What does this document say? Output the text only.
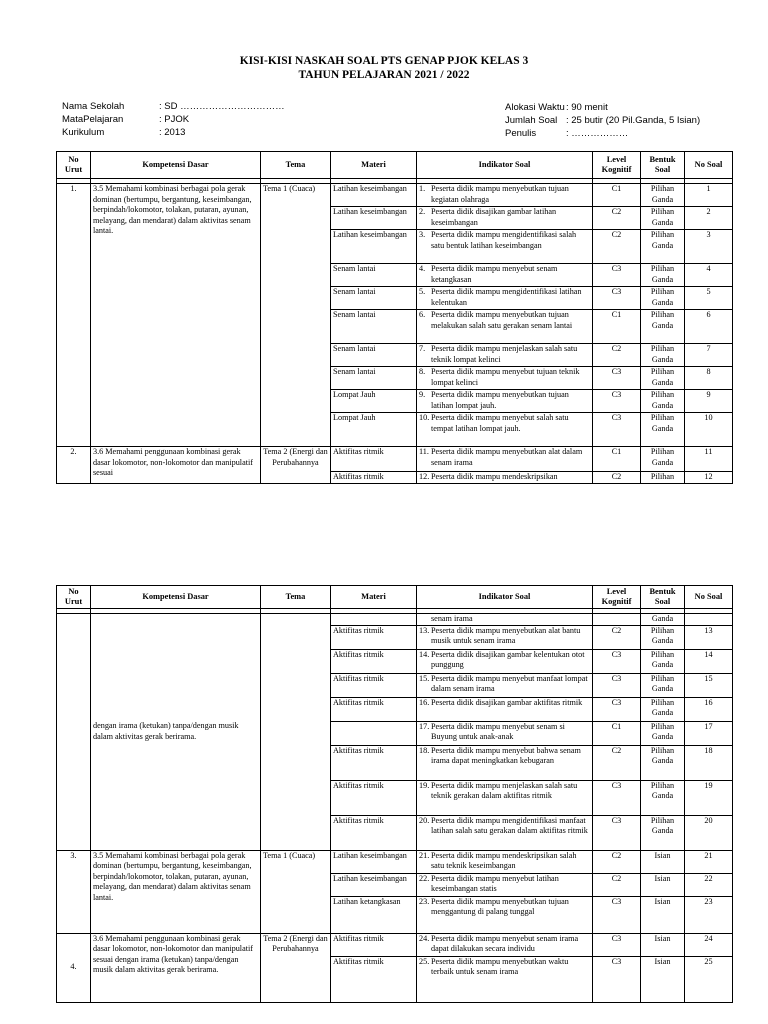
KISI-KISI NASKAH SOAL PTS GENAP PJOK KELAS 3
TAHUN PELAJARAN 2021 / 2022
Nama Sekolah	: SD ……………………………
MataPelajaran	: PJOK
Kurikulum	: 2013
Alokasi Waktu: 90 menit
Jumlah Soal : 25 butir (20 Pil.Ganda, 5 Isian)
Penulis	: ………………
No Urut	Kompetensi Dasar	Tema	Materi	Indikator Soal	Level Kognitif	Bentuk Soal	No Soal

1.	3.5 Memahami kombinasi berbagai pola gerak dominan (bertumpu, bergantung, keseimbangan, berpindah/lokomotor, tolakan, putaran, ayunan, melayang, dan mendarat) dalam aktivitas senam lantai.	Tema 1 (Cuaca)	Latihan keseimbangan	1. Peserta didik mampu menyebutkan tujuan kegiatan olahraga	C1	Pilihan Ganda	1
			Latihan keseimbangan	2. Peserta didik disajikan gambar latihan keseimbangan	C2	Pilihan Ganda	2
			Latihan keseimbangan	3. Peserta didik mampu mengidentifikasi salah satu bentuk latihan keseimbangan	C2	Pilihan Ganda	3
			Senam lantai	4. Peserta didik mampu menyebut senam ketangkasan	C3	Pilihan Ganda	4
			Senam lantai	5. Peserta didik mampu mengidentifikasi latihan kelentukan	C3	Pilihan Ganda	5
			Senam lantai	6. Peserta didik mampu menyebutkan tujuan melakukan salah satu gerakan senam lantai	C1	Pilihan Ganda	6
			Senam lantai	7. Peserta didik mampu menjelaskan salah satu teknik lompat kelinci	C2	Pilihan Ganda	7
			Senam lantai	8. Peserta didik mampu menyebut tujuan teknik lompat kelinci	C3	Pilihan Ganda	8
			Lompat Jauh	9. Peserta didik mampu menyebutkan tujuan latihan lompat jauh.	C3	Pilihan Ganda	9
			Lompat Jauh	10. Peserta didik mampu menyebut salah satu tempat latihan lompat jauh.	C3	Pilihan Ganda	10
2.	3.6 Memahami penggunaan kombinasi gerak dasar lokomotor, non-lokomotor dan manipulatif sesuai	Tema 2 (Energi dan Perubahannya	Aktifitas ritmik	11. Peserta didik mampu menyebutkan alat dalam senam irama	C1	Pilihan Ganda	11
			Aktifitas ritmik	12. Peserta didik mampu mendeskripsikan	C2	Pilihan	12
No Urut	Kompetensi Dasar	Tema	Materi	Indikator Soal	Level Kognitif	Bentuk Soal	No Soal

	dengan irama (ketukan) tanpa/dengan musik dalam aktivitas gerak berirama.			senam irama		Ganda	
			Aktifitas ritmik	13. Peserta didik mampu menyebutkan alat bantu musik untuk senam irama	C2	Pilihan Ganda	13
			Aktifitas ritmik	14. Peserta didik disajikan gambar kelentukan otot punggung	C3	Pilihan Ganda	14
			Aktifitas ritmik	15. Peserta didik mampu menyebut manfaat lompat dalam senam irama	C3	Pilihan Ganda	15
			Aktifitas ritmik	16. Peserta didik disajikan gambar aktifitas ritmik	C3	Pilihan Ganda	16

				17. Peserta didik mampu menyebut senam si Buyung untuk anak-anak	C1	Pilihan Ganda	17
			Aktifitas ritmik	18. Peserta didik mampu menyebut bahwa senam irama dapat meningkatkan kebugaran	C2	Pilihan Ganda	18
			Aktifitas ritmik	19. Peserta didik mampu menjelaskan salah satu teknik gerakan dalam aktifitas ritmik	C3	Pilihan Ganda	19
			Aktifitas ritmik	20. Peserta didik mampu mengidentifikasi manfaat latihan salah satu gerakan dalam aktifitas ritmik	C3	Pilihan Ganda	20
3.	3.5 Memahami kombinasi berbagai pola gerak dominan (bertumpu, bergantung, keseimbangan, berpindah/lokomotor, tolakan, putaran, ayunan, melayang, dan mendarat) dalam aktivitas senam lantai.	Tema 1 (Cuaca)	Latihan keseimbangan	21. Peserta didik mampu mendeskripsikan salah satu teknik keseimbangan	C2	Isian	21
			Latihan keseimbangan	22. Peserta didik mampu menyebut latihan keseimbangan statis	C2	Isian	22
			Latihan ketangkasan	23. Peserta didik mampu menyebutkan tujuan menggantung di palang tunggal	C3	Isian	23
4.	3.6 Memahami penggunaan kombinasi gerak dasar lokomotor, non-lokomotor dan manipulatif sesuai dengan irama (ketukan) tanpa/dengan musik dalam aktivitas gerak berirama.	Tema 2 (Energi dan Perubahannya	Aktifitas ritmik	24. Peserta didik mampu menyebut senam irama dapat dilakukan secara individu	C3	Isian	24
			Aktifitas ritmik	25. Peserta didik mampu menyebutkan waktu terbaik untuk senam irama	C3	Isian	25
